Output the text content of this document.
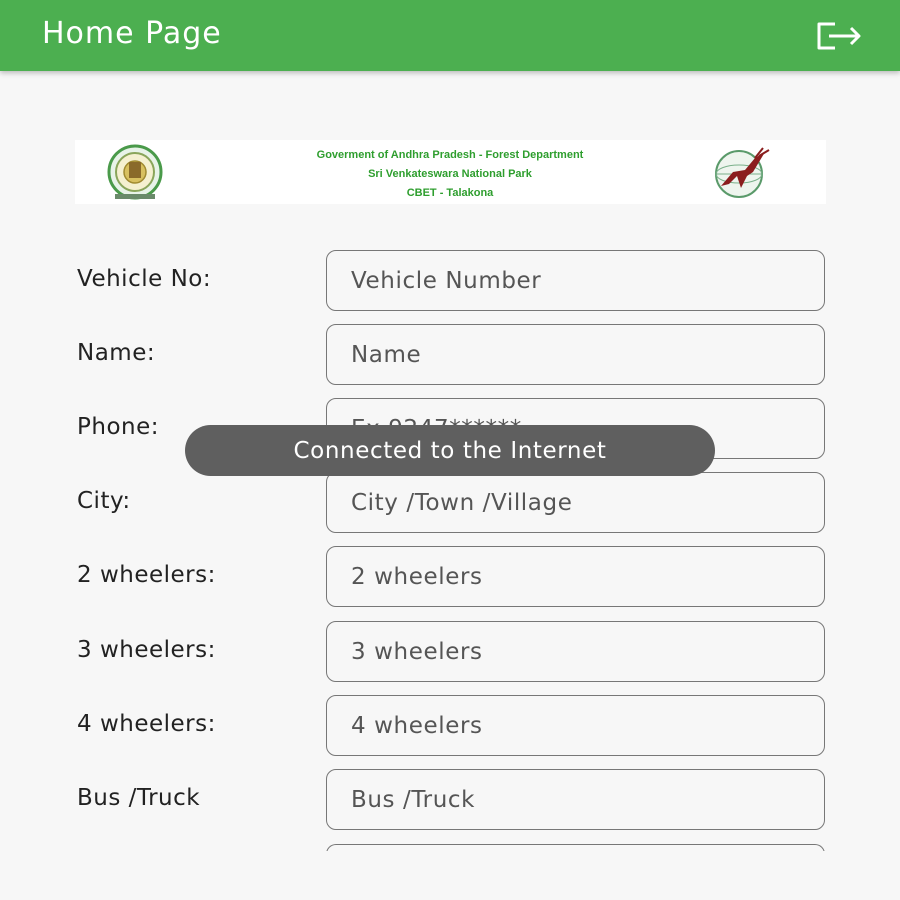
Home Page
Goverment of Andhra Pradesh - Forest Department
Sri Venkateswara National Park
CBET - Talakona
Vehicle No:
Vehicle Number
Name:
Name
Phone:
Ex.9247******
City:
City /Town /Village
2 wheelers:
2 wheelers
3 wheelers:
3 wheelers
4 wheelers:
4 wheelers
Bus /Truck
Bus /Truck
Connected to the Internet
